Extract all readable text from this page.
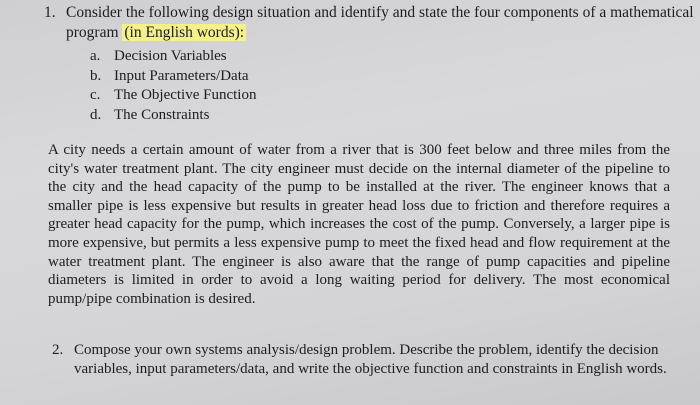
1. Consider the following design situation and identify and state the four components of a mathematical program (in English words):
a. Decision Variables
b. Input Parameters/Data
c. The Objective Function
d. The Constraints

A city needs a certain amount of water from a river that is 300 feet below and three miles from the city's water treatment plant. The city engineer must decide on the internal diameter of the pipeline to the city and the head capacity of the pump to be installed at the river. The engineer knows that a smaller pipe is less expensive but results in greater head loss due to friction and therefore requires a greater head capacity for the pump, which increases the cost of the pump. Conversely, a larger pipe is more expensive, but permits a less expensive pump to meet the fixed head and flow requirement at the water treatment plant. The engineer is also aware that the range of pump capacities and pipeline diameters is limited in order to avoid a long waiting period for delivery. The most economical pump/pipe combination is desired.

2. Compose your own systems analysis/design problem. Describe the problem, identify the decision variables, input parameters/data, and write the objective function and constraints in English words.
